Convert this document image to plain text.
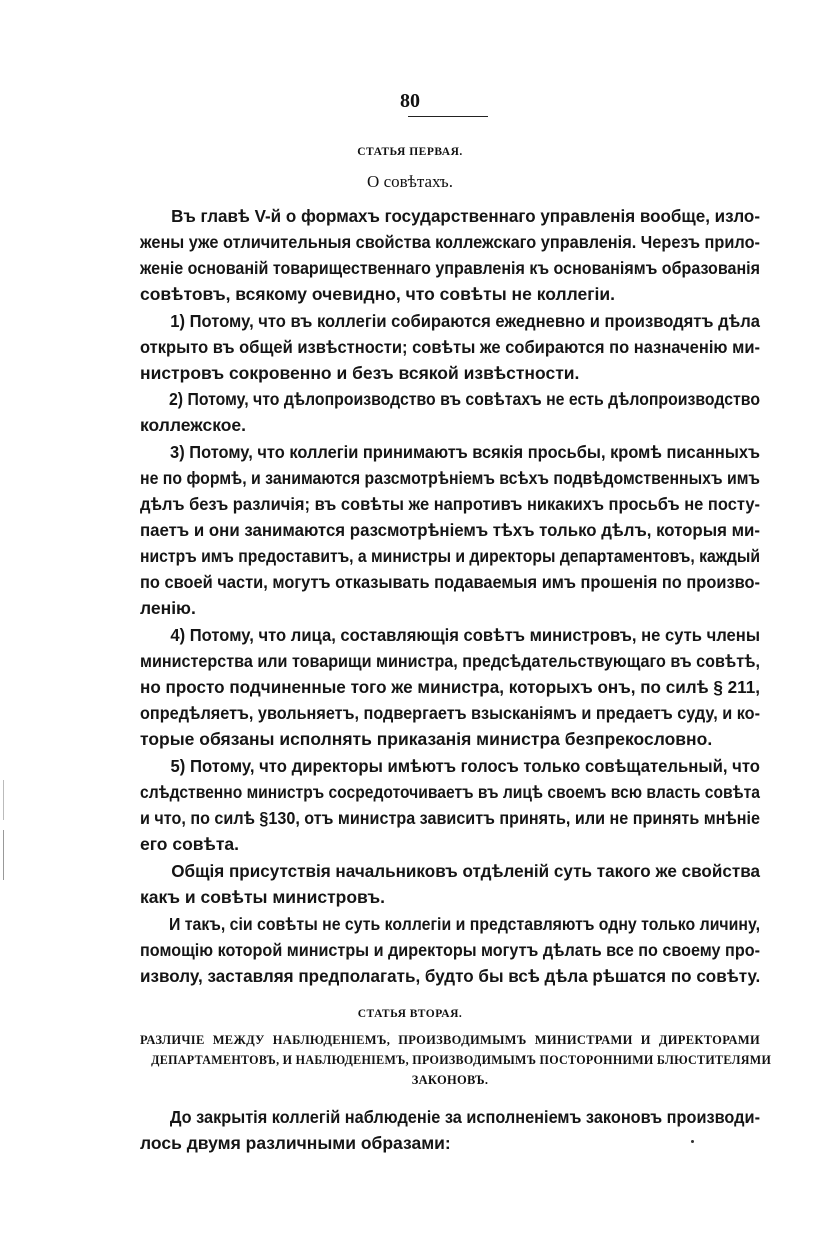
80
СТАТЬЯ ПЕРВАЯ.
О совѣтахъ.
Въ главѣ V-й о формахъ государственнаго управленія вообще, изло-
жены уже отличительныя свойства коллежскаго управленія. Черезъ прило-
женіе основаній товарищественнаго управленія къ основаніямъ образованія
совѣтовъ, всякому очевидно, что совѣты не коллегіи.
1) Потому, что въ коллегіи собираются ежедневно и производятъ дѣла
открыто въ общей извѣстности; совѣты же собираются по назначенію ми-
нистровъ сокровенно и безъ всякой извѣстности.
2) Потому, что дѣлопроизводство въ совѣтахъ не есть дѣлопроизводство
коллежское.
3) Потому, что коллегіи принимаютъ всякія просьбы, кромѣ писанныхъ
не по формѣ, и занимаются разсмотрѣніемъ всѣхъ подвѣдомственныхъ имъ
дѣлъ безъ различія; въ совѣты же напротивъ никакихъ просьбъ не посту-
паетъ и они занимаются разсмотрѣніемъ тѣхъ только дѣлъ, которыя ми-
нистръ имъ предоставитъ, а министры и директоры департаментовъ, каждый
по своей части, могутъ отказывать подаваемыя имъ прошенія по произво-
ленію.
4) Потому, что лица, составляющія совѣтъ министровъ, не суть члены
министерства или товарищи министра, предсѣдательствующаго въ совѣтѣ,
но просто подчиненные того же министра, которыхъ онъ, по силѣ § 211,
опредѣляетъ, увольняетъ, подвергаетъ взысканіямъ и предаетъ суду, и ко-
торые обязаны исполнять приказанія министра безпрекословно.
5) Потому, что директоры имѣютъ голосъ только совѣщательный, что
слѣдственно министръ сосредоточиваетъ въ лицѣ своемъ всю власть совѣта
и что, по силѣ §130, отъ министра зависитъ принять, или не принять мнѣніе
его совѣта.
Общія присутствія начальниковъ отдѣленій суть такого же свойства
какъ и совѣты министровъ.
И такъ, сіи совѣты не суть коллегіи и представляютъ одну только личину,
помощію которой министры и директоры могутъ дѣлать все по своему про-
изволу, заставляя предполагать, будто бы всѣ дѣла рѣшатся по совѣту.
СТАТЬЯ ВТОРАЯ.
РАЗЛИЧІЕ МЕЖДУ НАБЛЮДЕНІЕМЪ, ПРОИЗВОДИМЫМЪ МИНИСТРАМИ И ДИРЕКТОРАМИ
ДЕПАРТАМЕНТОВЪ, И НАБЛЮДЕНІЕМЪ, ПРОИЗВОДИМЫМЪ ПОСТОРОННИМИ БЛЮСТИТЕЛЯМИ
ЗАКОНОВЪ.
До закрытія коллегій наблюденіе за исполненіемъ законовъ производи-
лось двумя различными образами:
